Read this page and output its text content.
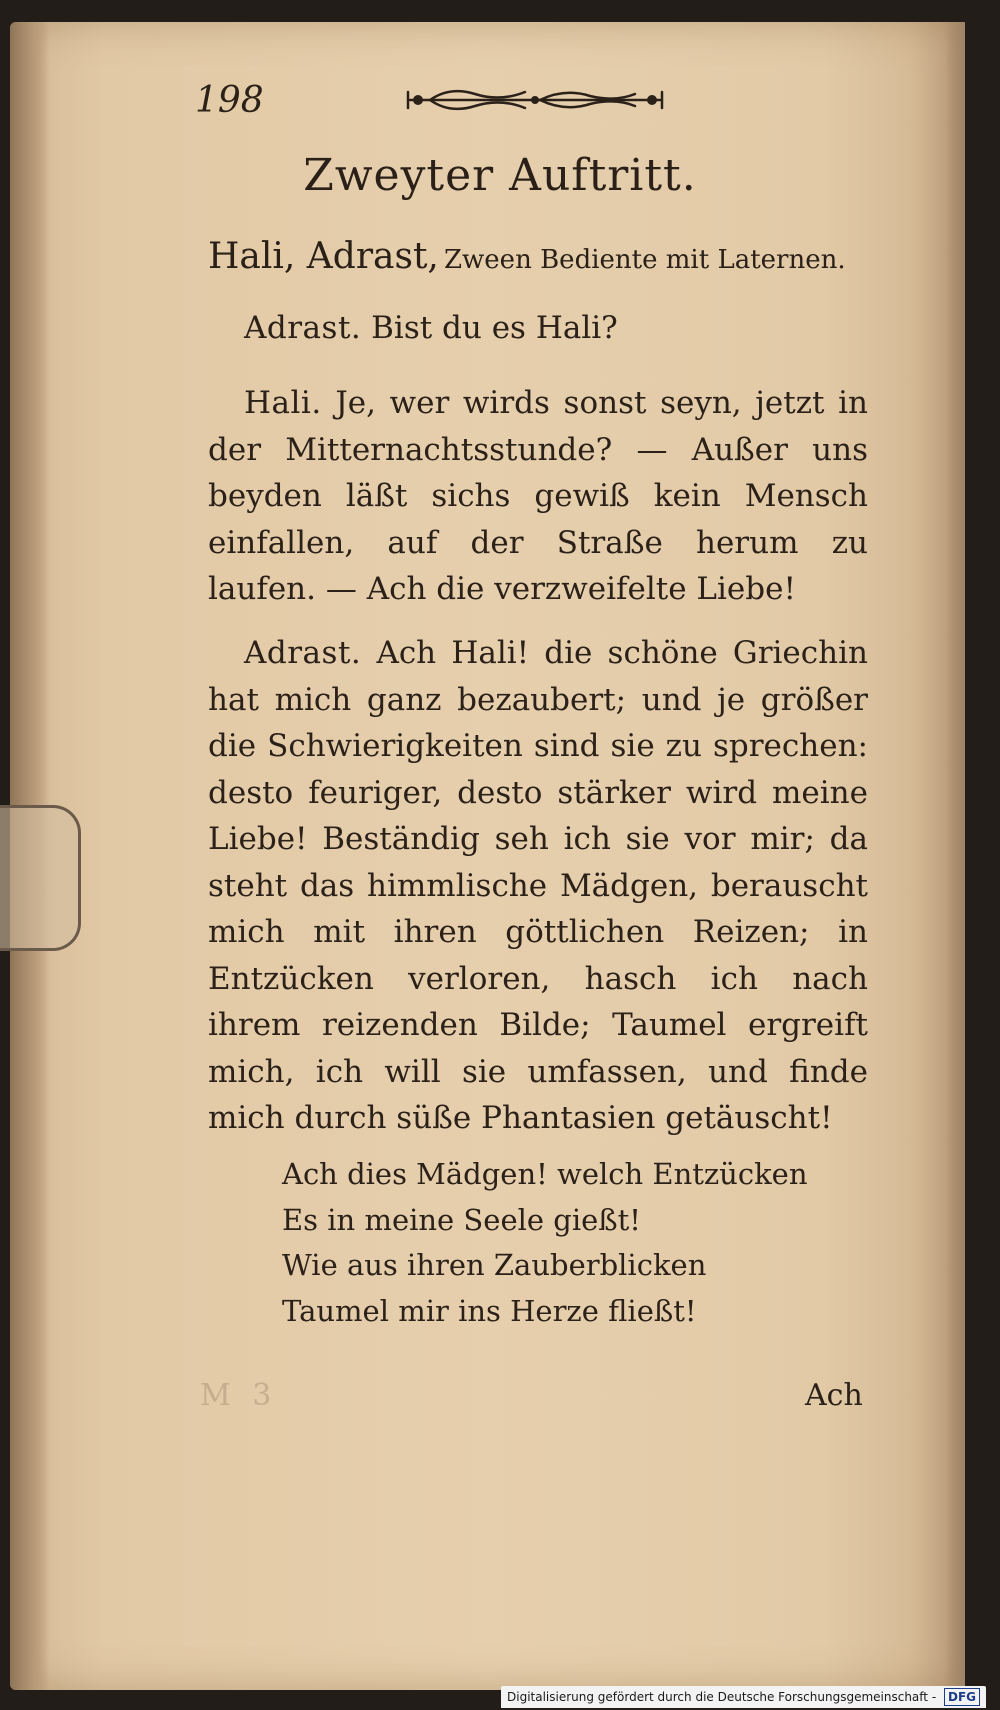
198
Zweyter Auftritt.
Hali, Adrast, Zween Bediente mit Laternen.
Adrast. Bist du es Hali?
Hali. Je, wer wirds sonst seyn, jetzt in der Mitternachtsstunde? — Außer uns beyden läßt sichs gewiß kein Mensch einfallen, auf der Straße herum zu laufen. — Ach die verzweifelte Liebe!
Adrast. Ach Hali! die schöne Griechin hat mich ganz bezaubert; und je größer die Schwierigkeiten sind sie zu sprechen: desto feuriger, desto stärker wird meine Liebe! Beständig seh ich sie vor mir; da steht das himmlische Mädgen, berauscht mich mit ihren göttlichen Reizen; in Entzücken verloren, hasch ich nach ihrem reizenden Bilde; Taumel ergreift mich, ich will sie umfassen, und finde mich durch süße Phantasien getäuscht!
Ach dies Mädgen! welch Entzücken
Es in meine Seele gießt!
Wie aus ihren Zauberblicken
Taumel mir ins Herze fließt!
M 3	Ach
Digitalisierung gefördert durch die Deutsche Forschungsgemeinschaft - DFG
